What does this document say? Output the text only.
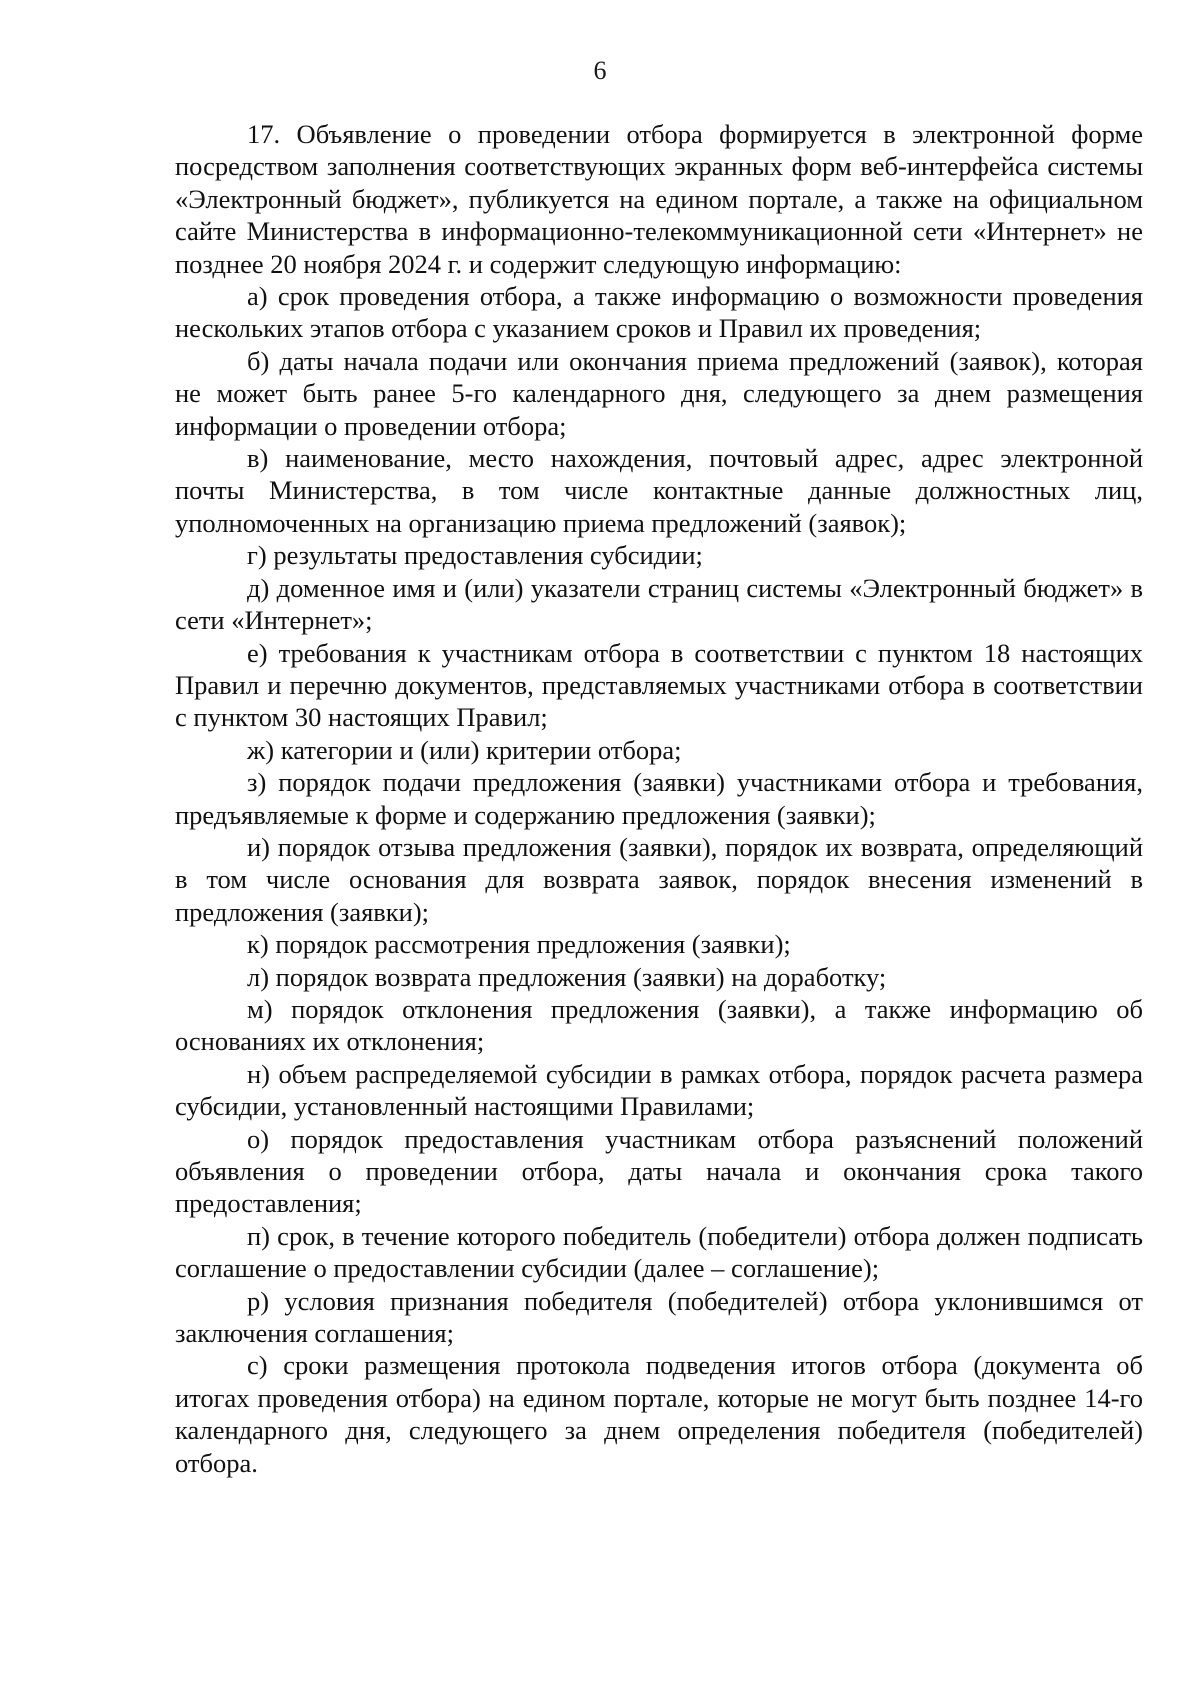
6

17. Объявление о проведении отбора формируется в электронной форме посредством заполнения соответствующих экранных форм веб-интерфейса системы «Электронный бюджет», публикуется на едином портале, а также на официальном сайте Министерства в информационно-телекоммуникационной сети «Интернет» не позднее 20 ноября 2024 г. и содержит следующую информацию:

а) срок проведения отбора, а также информацию о возможности проведения нескольких этапов отбора с указанием сроков и Правил их проведения;

б) даты начала подачи или окончания приема предложений (заявок), которая не может быть ранее 5-го календарного дня, следующего за днем размещения информации о проведении отбора;

в) наименование, место нахождения, почтовый адрес, адрес электронной почты Министерства, в том числе контактные данные должностных лиц, уполномоченных на организацию приема предложений (заявок);

г) результаты предоставления субсидии;

д) доменное имя и (или) указатели страниц системы «Электронный бюджет» в сети «Интернет»;

е) требования к участникам отбора в соответствии с пунктом 18 настоящих Правил и перечню документов, представляемых участниками отбора в соответствии с пунктом 30 настоящих Правил;

ж) категории и (или) критерии отбора;

з) порядок подачи предложения (заявки) участниками отбора и требования, предъявляемые к форме и содержанию предложения (заявки);

и) порядок отзыва предложения (заявки), порядок их возврата, определяющий в том числе основания для возврата заявок, порядок внесения изменений в предложения (заявки);

к) порядок рассмотрения предложения (заявки);

л) порядок возврата предложения (заявки) на доработку;

м) порядок отклонения предложения (заявки), а также информацию об основаниях их отклонения;

н) объем распределяемой субсидии в рамках отбора, порядок расчета размера субсидии, установленный настоящими Правилами;

о) порядок предоставления участникам отбора разъяснений положений объявления о проведении отбора, даты начала и окончания срока такого предоставления;

п) срок, в течение которого победитель (победители) отбора должен подписать соглашение о предоставлении субсидии (далее – соглашение);

р) условия признания победителя (победителей) отбора уклонившимся от заключения соглашения;

с) сроки размещения протокола подведения итогов отбора (документа об итогах проведения отбора) на едином портале, которые не могут быть позднее 14-го календарного дня, следующего за днем определения победителя (победителей) отбора.
